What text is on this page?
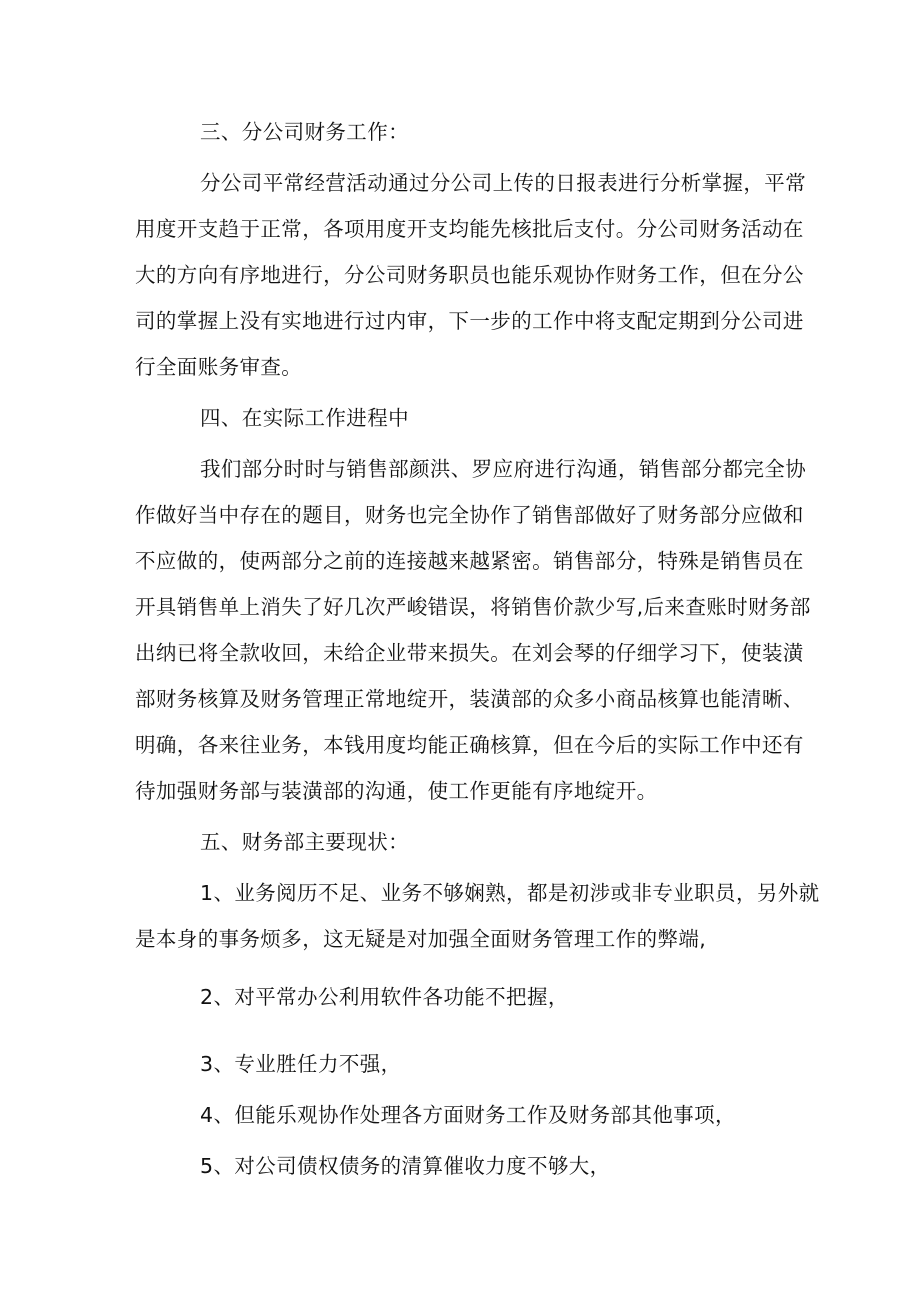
三、分公司财务工作：
分公司平常经营活动通过分公司上传的日报表进行分析掌握，平常
用度开支趋于正常，各项用度开支均能先核批后支付。分公司财务活动在
大的方向有序地进行，分公司财务职员也能乐观协作财务工作，但在分公
司的掌握上没有实地进行过内审，下一步的工作中将支配定期到分公司进
行全面账务审查。
四、在实际工作进程中
我们部分时时与销售部颜洪、罗应府进行沟通，销售部分都完全协
作做好当中存在的题目，财务也完全协作了销售部做好了财务部分应做和
不应做的，使两部分之前的连接越来越紧密。销售部分，特殊是销售员在
开具销售单上消失了好几次严峻错误，将销售价款少写,后来查账时财务部
出纳已将全款收回，未给企业带来损失。在刘会琴的仔细学习下，使装潢
部财务核算及财务管理正常地绽开，装潢部的众多小商品核算也能清晰、
明确，各来往业务，本钱用度均能正确核算，但在今后的实际工作中还有
待加强财务部与装潢部的沟通，使工作更能有序地绽开。
五、财务部主要现状：
1、业务阅历不足、业务不够娴熟，都是初涉或非专业职员，另外就
是本身的事务烦多，这无疑是对加强全面财务管理工作的弊端,
2、对平常办公利用软件各功能不把握，
3、专业胜任力不强，
4、但能乐观协作处理各方面财务工作及财务部其他事项，
5、对公司债权债务的清算催收力度不够大，
